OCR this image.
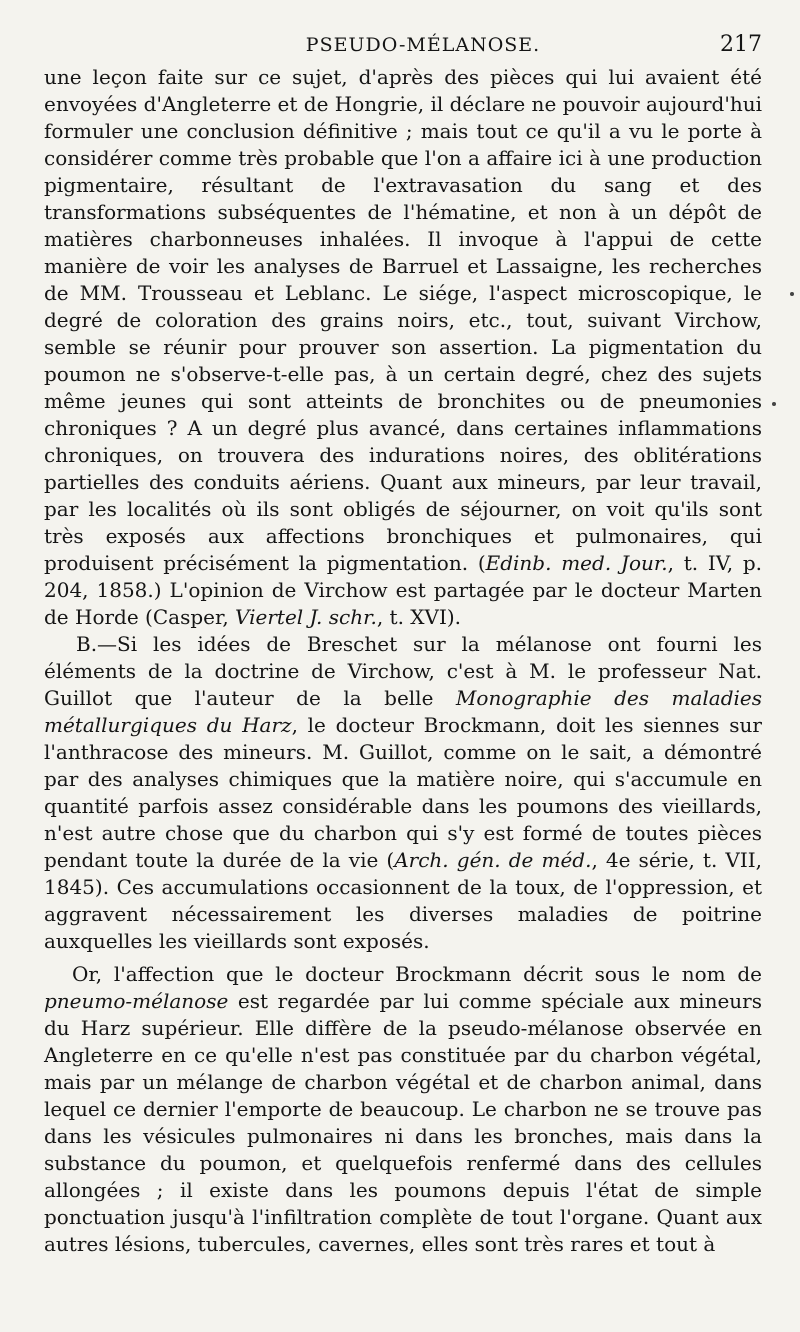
PSEUDO-MÉLANOSE.	217

une leçon faite sur ce sujet, d'après des pièces qui lui avaient été envoyées d'Angleterre et de Hongrie, il déclare ne pouvoir aujourd'hui formuler une conclusion définitive ; mais tout ce qu'il a vu le porte à considérer comme très probable que l'on a affaire ici à une production pigmentaire, résultant de l'extravasation du sang et des transformations subséquentes de l'hématine, et non à un dépôt de matières charbonneuses inhalées. Il invoque à l'appui de cette manière de voir les analyses de Barruel et Lassaigne, les recherches de MM. Trousseau et Leblanc. Le siége, l'aspect microscopique, le degré de coloration des grains noirs, etc., tout, suivant Virchow, semble se réunir pour prouver son assertion. La pigmentation du poumon ne s'observe-t-elle pas, à un certain degré, chez des sujets même jeunes qui sont atteints de bronchites ou de pneumonies chroniques ? A un degré plus avancé, dans certaines inflammations chroniques, on trouvera des indurations noires, des oblitérations partielles des conduits aériens. Quant aux mineurs, par leur travail, par les localités où ils sont obligés de séjourner, on voit qu'ils sont très exposés aux affections bronchiques et pulmonaires, qui produisent précisément la pigmentation. (Edinb. med. Jour., t. IV, p. 204, 1858.) L'opinion de Virchow est partagée par le docteur Marten de Horde (Casper, Viertel J. schr., t. XVI).

B.—Si les idées de Breschet sur la mélanose ont fourni les éléments de la doctrine de Virchow, c'est à M. le professeur Nat. Guillot que l'auteur de la belle Monographie des maladies métallurgiques du Harz, le docteur Brockmann, doit les siennes sur l'anthracose des mineurs. M. Guillot, comme on le sait, a démontré par des analyses chimiques que la matière noire, qui s'accumule en quantité parfois assez considérable dans les poumons des vieillards, n'est autre chose que du charbon qui s'y est formé de toutes pièces pendant toute la durée de la vie (Arch. gén. de méd., 4e série, t. VII, 1845). Ces accumulations occasionnent de la toux, de l'oppression, et aggravent nécessairement les diverses maladies de poitrine auxquelles les vieillards sont exposés.

Or, l'affection que le docteur Brockmann décrit sous le nom de pneumo-mélanose est regardée par lui comme spéciale aux mineurs du Harz supérieur. Elle diffère de la pseudo-mélanose observée en Angleterre en ce qu'elle n'est pas constituée par du charbon végétal, mais par un mélange de charbon végétal et de charbon animal, dans lequel ce dernier l'emporte de beaucoup. Le charbon ne se trouve pas dans les vésicules pulmonaires ni dans les bronches, mais dans la substance du poumon, et quelquefois renfermé dans des cellules allongées ; il existe dans les poumons depuis l'état de simple ponctuation jusqu'à l'infiltration complète de tout l'organe. Quant aux autres lésions, tubercules, cavernes, elles sont très rares et tout à
